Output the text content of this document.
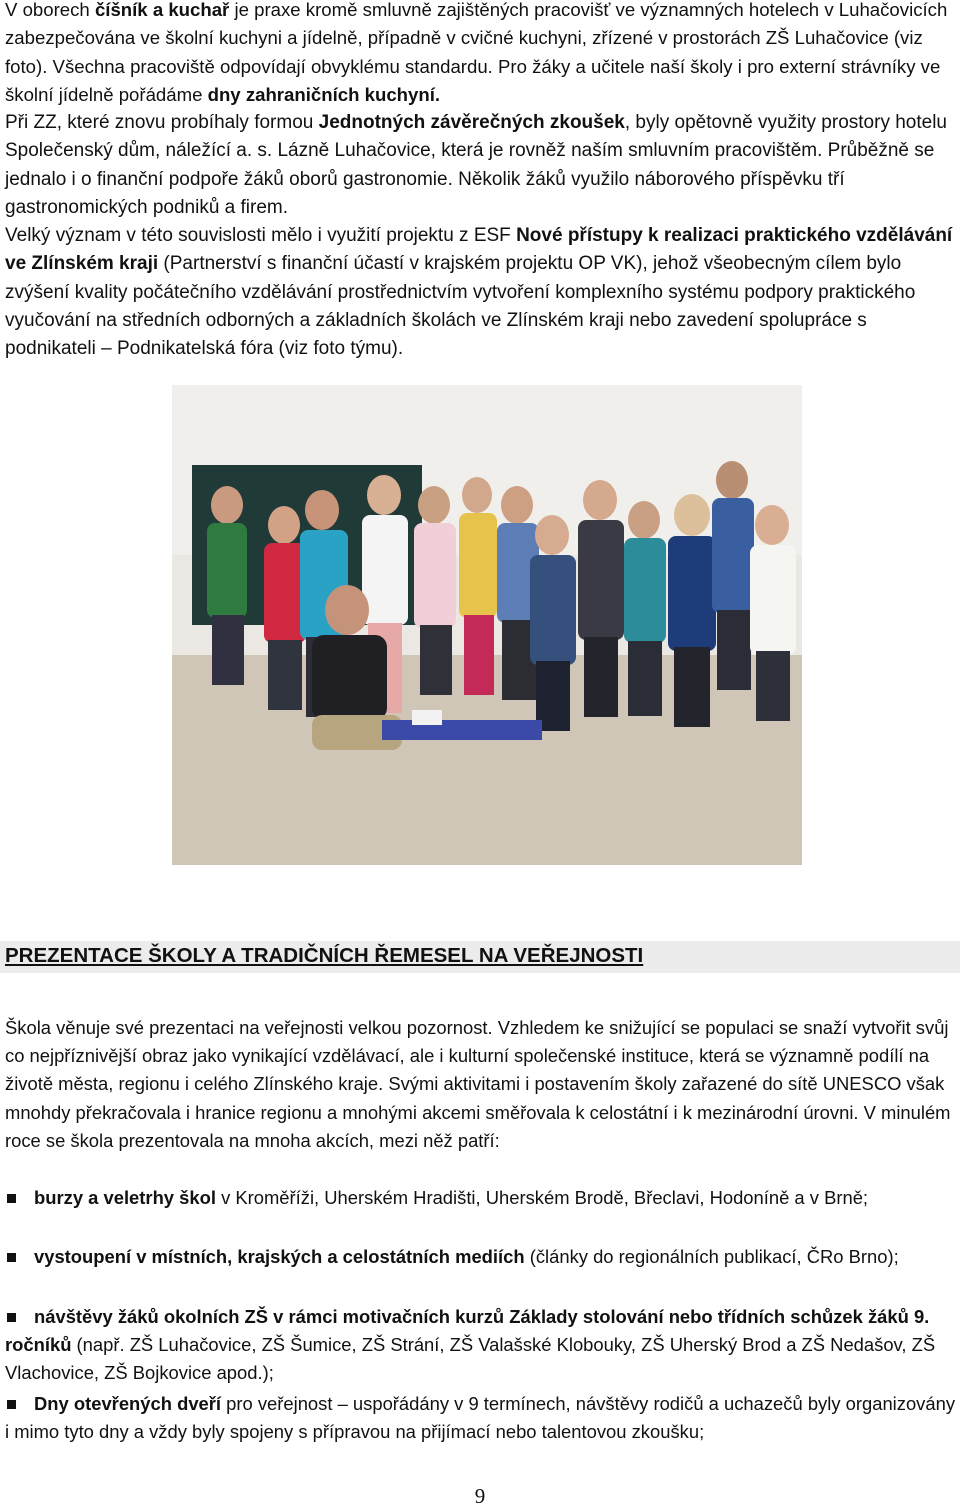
V oborech číšník a kuchař je praxe kromě smluvně zajištěných pracovišť ve významných hotelech v Luhačovicích zabezpečována ve školní kuchyni a jídelně, případně v cvičné kuchyni, zřízené v prostorách ZŠ Luhačovice (viz foto). Všechna pracoviště odpovídají obvyklému standardu. Pro žáky a učitele naší školy i pro externí strávníky ve školní jídelně pořádáme dny zahraničních kuchyní.

Při ZZ, které znovu probíhaly formou Jednotných závěrečných zkoušek, byly opětovně využity prostory hotelu Společenský dům, náležící a. s. Lázně Luhačovice, která je rovněž naším smluvním pracovištěm. Průběžně se jednalo i o finanční podpoře žáků oborů gastronomie. Několik žáků využilo náborového příspěvku tří gastronomických podniků a firem.

Velký význam v této souvislosti mělo i využití projektu z ESF Nové přístupy k realizaci praktického vzdělávání ve Zlínském kraji (Partnerství s finanční účastí v krajském projektu OP VK), jehož všeobecným cílem bylo zvýšení kvality počátečního vzdělávání prostřednictvím vytvoření komplexního systému podpory praktického vyučování na středních odborných a základních školách ve Zlínském kraji nebo zavedení spolupráce s podnikateli – Podnikatelská fóra (viz foto týmu).

PREZENTACE ŠKOLY A TRADIČNÍCH ŘEMESEL NA VEŘEJNOSTI

Škola věnuje své prezentaci na veřejnosti velkou pozornost. Vzhledem ke snižující se populaci se snaží vytvořit svůj co nejpříznivější obraz jako vynikající vzdělávací, ale i kulturní společenské instituce, která se významně podílí na životě města, regionu i celého Zlínského kraje. Svými aktivitami i postavením školy zařazené do sítě UNESCO však mnohdy překračovala i hranice regionu a mnohými akcemi směřovala k celostátní i k mezinárodní úrovni. V minulém roce se škola prezentovala na mnoha akcích, mezi něž patří:

burzy a veletrhy škol v Kroměříži, Uherském Hradišti, Uherském Brodě, Břeclavi, Hodoníně a v Brně;

vystoupení v místních, krajských a celostátních mediích (články do regionálních publikací, ČRo Brno);

návštěvy žáků okolních ZŠ v rámci motivačních kurzů Základy stolování nebo třídních schůzek žáků 9. ročníků (např. ZŠ Luhačovice, ZŠ Šumice, ZŠ Strání, ZŠ Valašské Klobouky, ZŠ Uherský Brod a ZŠ Nedašov, ZŠ Vlachovice, ZŠ Bojkovice apod.);

Dny otevřených dveří pro veřejnost – uspořádány v 9 termínech, návštěvy rodičů a uchazečů byly organizovány i mimo tyto dny a vždy byly spojeny s přípravou na přijímací nebo talentovou zkoušku;

9
